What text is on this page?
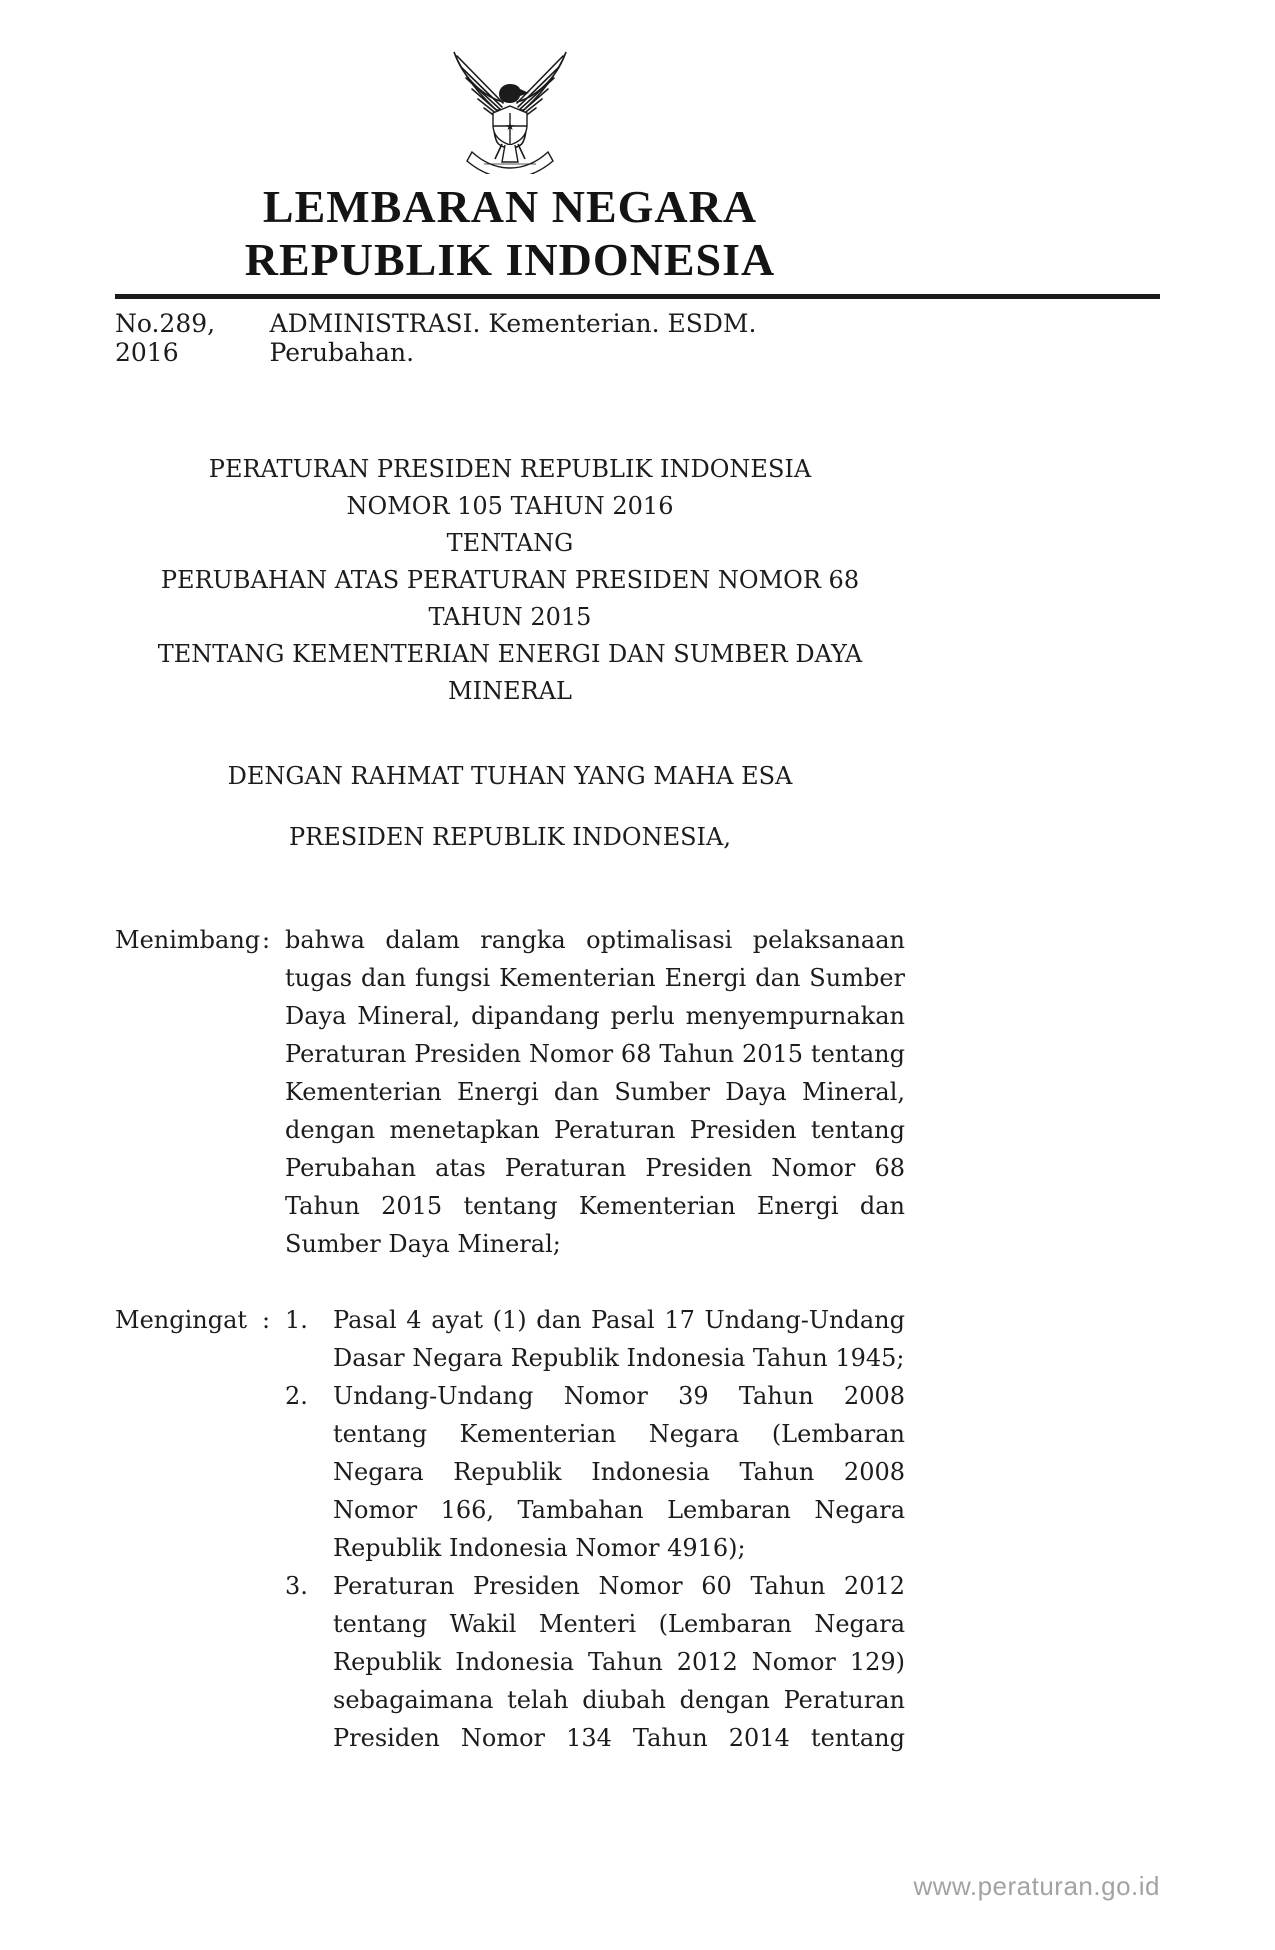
★
LEMBARAN NEGARA
REPUBLIK INDONESIA
No.289, 2016
ADMINISTRASI. Kementerian. ESDM. Perubahan.
PERATURAN PRESIDEN REPUBLIK INDONESIA
NOMOR 105 TAHUN 2016
TENTANG
PERUBAHAN ATAS PERATURAN PRESIDEN NOMOR 68 TAHUN 2015
TENTANG KEMENTERIAN ENERGI DAN SUMBER DAYA MINERAL
DENGAN RAHMAT TUHAN YANG MAHA ESA
PRESIDEN REPUBLIK INDONESIA,
Menimbang : bahwa dalam rangka optimalisasi pelaksanaan tugas dan fungsi Kementerian Energi dan Sumber Daya Mineral, dipandang perlu menyempurnakan Peraturan Presiden Nomor 68 Tahun 2015 tentang Kementerian Energi dan Sumber Daya Mineral, dengan menetapkan Peraturan Presiden tentang Perubahan atas Peraturan Presiden Nomor 68 Tahun 2015 tentang Kementerian Energi dan Sumber Daya Mineral;
Mengingat : 1.	Pasal 4 ayat (1) dan Pasal 17 Undang-Undang Dasar Negara Republik Indonesia Tahun 1945;
2.	Undang-Undang Nomor 39 Tahun 2008 tentang Kementerian Negara (Lembaran Negara Republik Indonesia Tahun 2008 Nomor 166, Tambahan Lembaran Negara Republik Indonesia Nomor 4916);
3.	Peraturan Presiden Nomor 60 Tahun 2012 tentang Wakil Menteri (Lembaran Negara Republik Indonesia Tahun 2012 Nomor 129) sebagaimana telah diubah dengan Peraturan Presiden Nomor 134 Tahun 2014 tentang
www.peraturan.go.id
